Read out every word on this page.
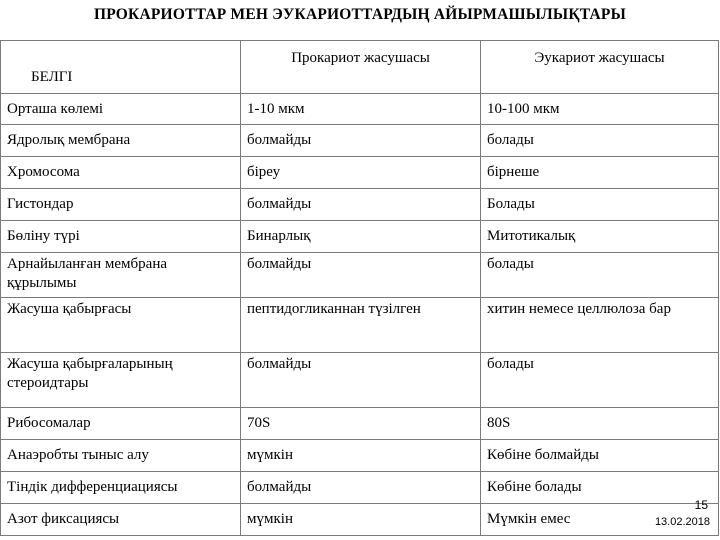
ПРОКАРИОТТАР МЕН ЭУКАРИОТТАРДЫҢ АЙЫРМАШЫЛЫҚТАРЫ
БЕЛГІ	Прокариот жасушасы	Эукариот жасушасы

Орташа көлемі	1-10 мкм	10-100 мкм
Ядролық мембрана	болмайды	болады
Хромосома	біреу	бірнеше
Гистондар	болмайды	Болады
Бөліну түрі	Бинарлық	Митотикалық
Арнайыланған мембрана құрылымы	болмайды	болады
Жасуша қабырғасы	пептидогликаннан түзілген	хитин немесе целлюлоза бар
Жасуша қабырғаларының стероидтары	болмайды	болады
Рибосомалар	70S	80S
Анаэробты тыныс алу	мүмкін	Көбіне болмайды
Тіндік дифференциациясы	болмайды	Көбіне болады
Азот фиксациясы	мүмкін	Мүмкін емес
15
13.02.2018
